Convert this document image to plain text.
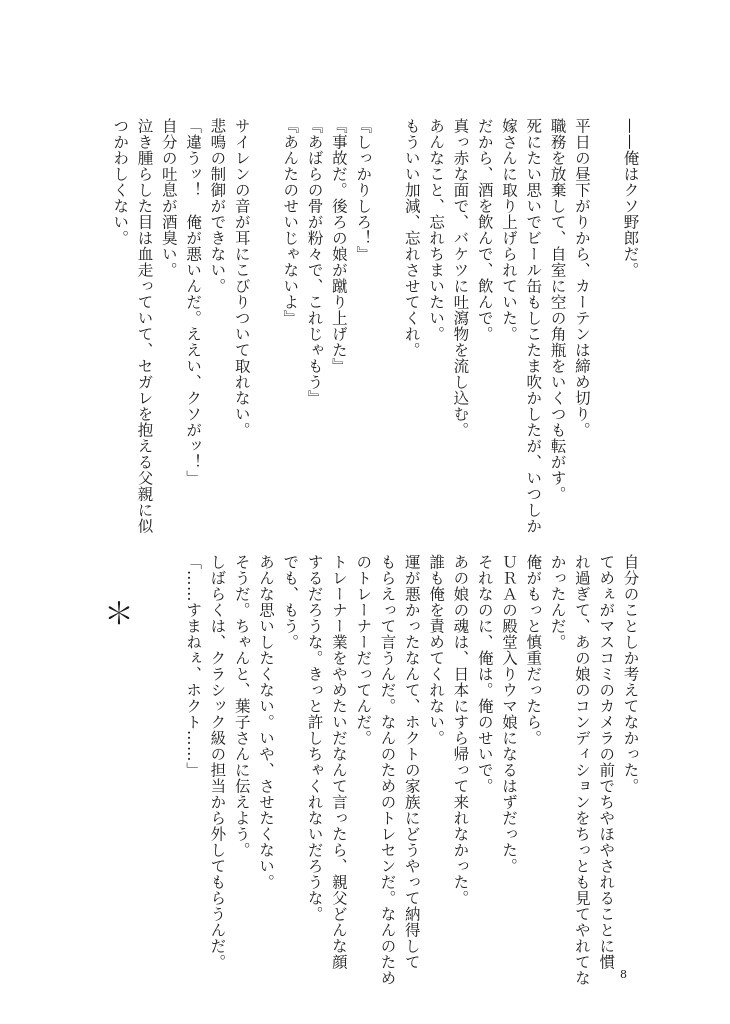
——俺はクソ野郎だ。
平日の昼下がりから、カーテンは締め切り。
職務を放棄して、自室に空の角瓶をいくつも転がす。
死にたい思いでビール缶もしこたま吹かしたが、いつしか
嫁さんに取り上げられていた。
だから、酒を飲んで、飲んで。
真っ赤な面で、バケツに吐瀉物を流し込む。
あんなこと、忘れちまいたい。
もういい加減、忘れさせてくれ。
『しっかりしろ！』
『事故だ。後ろの娘が蹴り上げた』
『あばらの骨が粉々で、これじゃもう』
『あんたのせいじゃないよ』
サイレンの音が耳にこびりついて取れない。
悲鳴の制御ができない。
「違うッ！　俺が悪いんだ。ええい、クソがッ！」
自分の吐息が酒臭い。
泣き腫らした目は血走っていて、セガレを抱える父親に似
つかわしくない。
自分のことしか考えてなかった。
てめぇがマスコミのカメラの前でちやほやされることに慣
れ過ぎて、あの娘のコンディションをちっとも見てやれてな
かったんだ。
俺がもっと慎重だったら。
ＵＲＡの殿堂入りウマ娘になるはずだった。
それなのに、俺は。俺のせいで。
あの娘の魂は、日本にすら帰って来れなかった。
誰も俺を責めてくれない。
運が悪かったなんて、ホクトの家族にどうやって納得して
もらえって言うんだ。なんのためのトレセンだ。なんのため
のトレーナーだってんだ。
トレーナー業をやめたいだなんて言ったら、親父どんな顔
するだろうな。きっと許しちゃくれないだろうな。
でも、もう。
あんな思いしたくない。いや、させたくない。
そうだ。ちゃんと、葉子さんに伝えよう。
しばらくは、クラシック級の担当から外してもらうんだ。
「……すまねぇ、ホクト……」
＊
8
